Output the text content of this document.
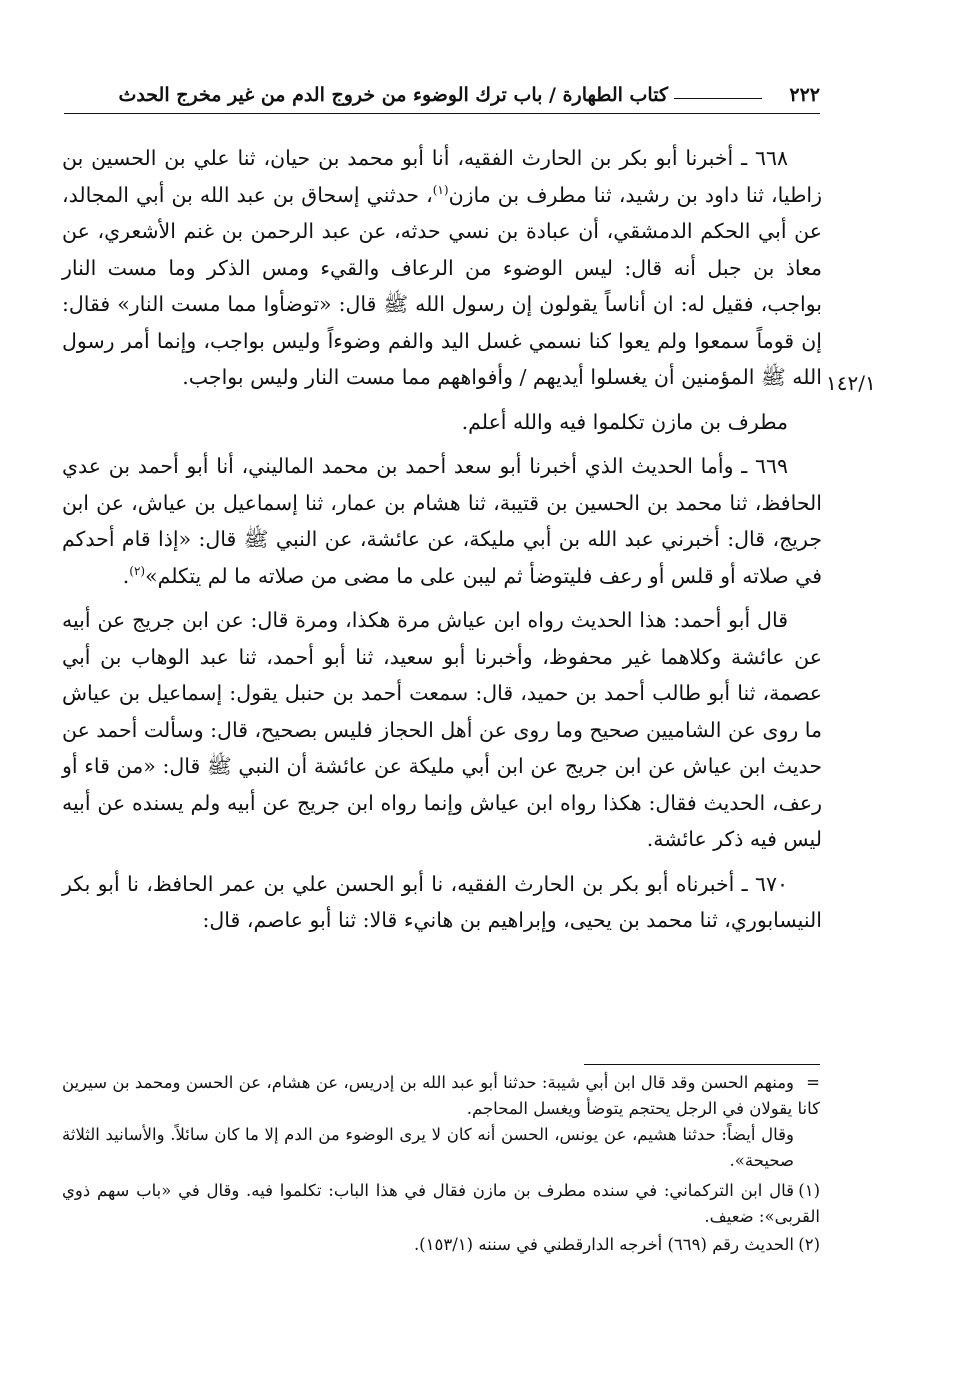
٢٢٢
كتاب الطهارة / باب ترك الوضوء من خروج الدم من غير مخرج الحدث

٦٦٨ ـ أخبرنا أبو بكر بن الحارث الفقيه، أنا أبو محمد بن حيان، ثنا علي بن الحسين بن زاطيا، ثنا داود بن رشيد، ثنا مطرف بن مازن$^{(١)}$، حدثني إسحاق بن عبد الله بن أبي المجالد، عن أبي الحكم الدمشقي، أن عبادة بن نسي حدثه، عن عبد الرحمن بن غنم الأشعري، عن معاذ بن جبل أنه قال: ليس الوضوء من الرعاف والقيء ومس الذكر وما مست النار بواجب، فقيل له: ان أناساً يقولون إن رسول الله ﷺ قال: «توضأوا مما مست النار» فقال: إن قوماً سمعوا ولم يعوا كنا نسمي غسل اليد والفم وضوءاً وليس بواجب، وإنما أمر رسول الله ﷺ المؤمنين أن يغسلوا أيديهم / وأفواههم مما مست النار وليس بواجب.

مطرف بن مازن تكلموا فيه والله أعلم.

٦٦٩ ـ وأما الحديث الذي أخبرنا أبو سعد أحمد بن محمد الماليني، أنا أبو أحمد بن عدي الحافظ، ثنا محمد بن الحسين بن قتيبة، ثنا هشام بن عمار، ثنا إسماعيل بن عياش، عن ابن جريج، قال: أخبرني عبد الله بن أبي مليكة، عن عائشة، عن النبي ﷺ قال: «إذا قام أحدكم في صلاته أو قلس أو رعف فليتوضأ ثم ليبن على ما مضى من صلاته ما لم يتكلم»$^{(٢)}$.

قال أبو أحمد: هذا الحديث رواه ابن عياش مرة هكذا، ومرة قال: عن ابن جريج عن أبيه عن عائشة وكلاهما غير محفوظ، وأخبرنا أبو سعيد، ثنا أبو أحمد، ثنا عبد الوهاب بن أبي عصمة، ثنا أبو طالب أحمد بن حميد، قال: سمعت أحمد بن حنبل يقول: إسماعيل بن عياش ما روى عن الشاميين صحيح وما روى عن أهل الحجاز فليس بصحيح، قال: وسألت أحمد عن حديث ابن عياش عن ابن جريج عن ابن أبي مليكة عن عائشة أن النبي ﷺ قال: «من قاء أو رعف، الحديث فقال: هكذا رواه ابن عياش وإنما رواه ابن جريج عن أبيه ولم يسنده عن أبيه ليس فيه ذكر عائشة.

٦٧٠ ـ أخبرناه أبو بكر بن الحارث الفقيه، نا أبو الحسن علي بن عمر الحافظ، نا أبو بكر النيسابوري، ثنا محمد بن يحيى، وإبراهيم بن هانيء قالا: ثنا أبو عاصم، قال:

١٤٢/١
=ومنهم الحسن وقد قال ابن أبي شيبة: حدثنا أبو عبد الله بن إدريس، عن هشام، عن الحسن ومحمد بن سيرين كانا يقولان في الرجل يحتجم يتوضأ ويغسل المحاجم.
وقال أيضاً: حدثنا هشيم، عن يونس، الحسن أنه كان لا يرى الوضوء من الدم إلا ما كان سائلاً. والأسانيد الثلاثة صحيحة».
(١)قال ابن التركماني: في سنده مطرف بن مازن فقال في هذا الباب: تكلموا فيه. وقال في «باب سهم ذوي القربى»: ضعيف.
(٢)الحديث رقم (٦٦٩) أخرجه الدارقطني في سننه (١٥٣/١).
